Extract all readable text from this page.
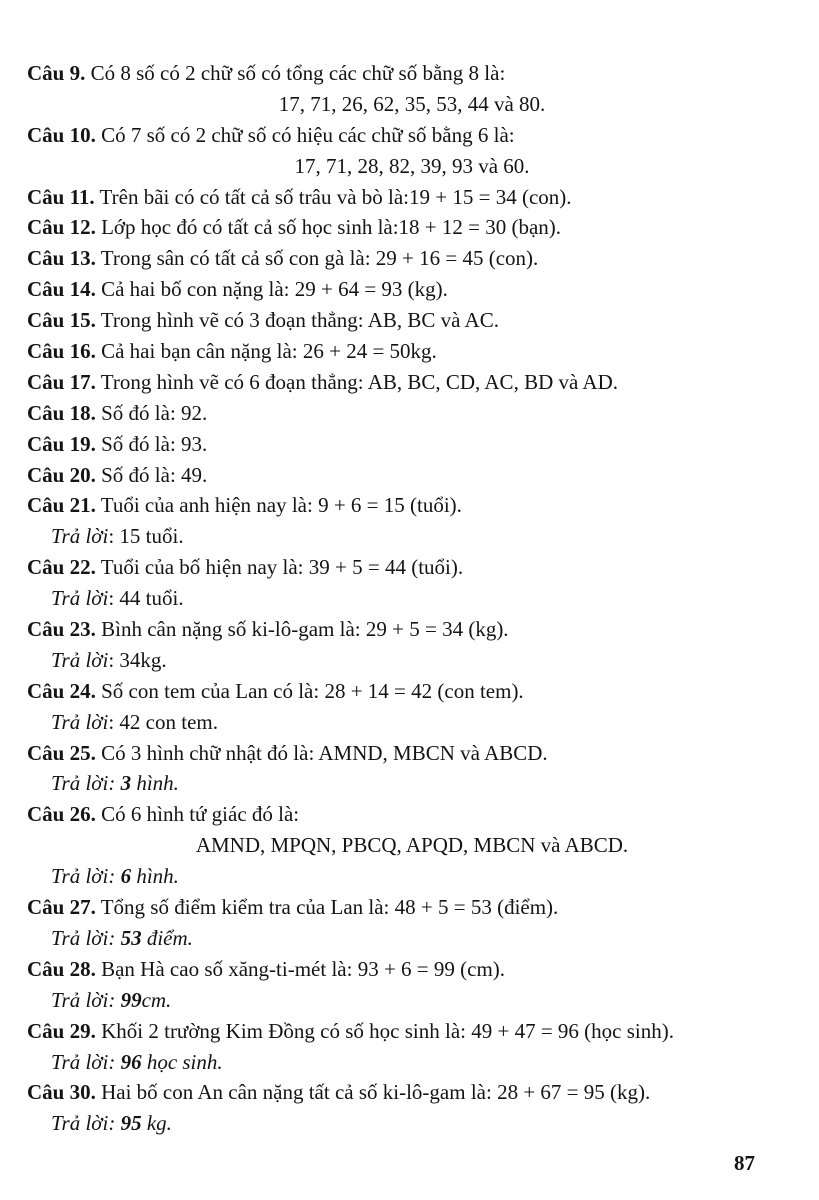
Câu 9. Có 8 số có 2 chữ số có tổng các chữ số bằng 8 là:
17, 71, 26, 62, 35, 53, 44 và 80.
Câu 10. Có 7 số có 2 chữ số có hiệu các chữ số bằng 6 là:
17, 71, 28, 82, 39, 93 và 60.
Câu 11. Trên bãi có có tất cả số trâu và bò là:19 + 15 = 34 (con).
Câu 12. Lớp học đó có tất cả số học sinh là:18 + 12 = 30 (bạn).
Câu 13. Trong sân có tất cả số con gà là: 29 + 16 = 45 (con).
Câu 14. Cả hai bố con nặng là: 29 + 64 = 93 (kg).
Câu 15. Trong hình vẽ có 3 đoạn thẳng: AB, BC và AC.
Câu 16. Cả hai bạn cân nặng là: 26 + 24 = 50kg.
Câu 17. Trong hình vẽ có 6 đoạn thẳng: AB, BC, CD, AC, BD và AD.
Câu 18. Số đó là: 92.
Câu 19. Số đó là: 93.
Câu 20. Số đó là: 49.
Câu 21. Tuổi của anh hiện nay là: 9 + 6 = 15 (tuổi).
Trả lời: 15 tuổi.
Câu 22. Tuổi của bố hiện nay là: 39 + 5 = 44 (tuổi).
Trả lời: 44 tuổi.
Câu 23. Bình cân nặng số ki-lô-gam là: 29 + 5 = 34 (kg).
Trả lời: 34kg.
Câu 24. Số con tem của Lan có là: 28 + 14 = 42 (con tem).
Trả lời: 42 con tem.
Câu 25. Có 3 hình chữ nhật đó là: AMND, MBCN và ABCD.
Trả lời: 3 hình.
Câu 26. Có 6 hình tứ giác đó là:
AMND, MPQN, PBCQ, APQD, MBCN và ABCD.
Trả lời: 6 hình.
Câu 27. Tổng số điểm kiểm tra của Lan là: 48 + 5 = 53 (điểm).
Trả lời: 53 điểm.
Câu 28. Bạn Hà cao số xăng-ti-mét là: 93 + 6 = 99 (cm).
Trả lời: 99cm.
Câu 29. Khối 2 trường Kim Đồng có số học sinh là: 49 + 47 = 96 (học sinh).
Trả lời: 96 học sinh.
Câu 30. Hai bố con An cân nặng tất cả số ki-lô-gam là: 28 + 67 = 95 (kg).
Trả lời: 95 kg.
87
